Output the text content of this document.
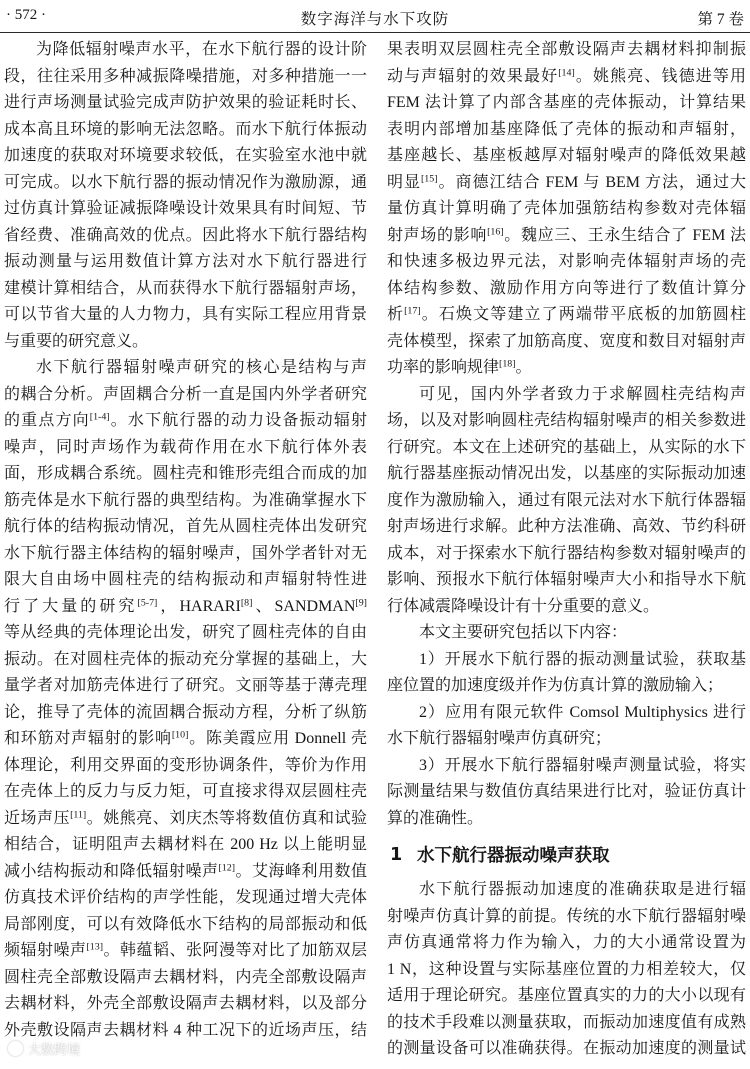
· 572 ·	数字海洋与水下攻防	第 7 卷
为降低辐射噪声水平，在水下航行器的设计阶
段，往往采用多种减振降噪措施，对多种措施一一
进行声场测量试验完成声防护效果的验证耗时长、
成本高且环境的影响无法忽略。而水下航行体振动
加速度的获取对环境要求较低，在实验室水池中就
可完成。以水下航行器的振动情况作为激励源，通
过仿真计算验证减振降噪设计效果具有时间短、节
省经费、准确高效的优点。因此将水下航行器结构
振动测量与运用数值计算方法对水下航行器进行
建模计算相结合，从而获得水下航行器辐射声场，
可以节省大量的人力物力，具有实际工程应用背景
与重要的研究意义。
水下航行器辐射噪声研究的核心是结构与声
的耦合分析。声固耦合分析一直是国内外学者研究
的重点方向[1-4]。水下航行器的动力设备振动辐射
噪声，同时声场作为载荷作用在水下航行体外表
面，形成耦合系统。圆柱壳和锥形壳组合而成的加
筋壳体是水下航行器的典型结构。为准确掌握水下
航行体的结构振动情况，首先从圆柱壳体出发研究
水下航行器主体结构的辐射噪声，国外学者针对无
限大自由场中圆柱壳的结构振动和声辐射特性进
行了大量的研究[5-7]，HARARI[8]、SANDMAN[9]
等从经典的壳体理论出发，研究了圆柱壳体的自由
振动。在对圆柱壳体的振动充分掌握的基础上，大
量学者对加筋壳体进行了研究。文丽等基于薄壳理
论，推导了壳体的流固耦合振动方程，分析了纵筋
和环筋对声辐射的影响[10]。陈美霞应用 Donnell 壳
体理论，利用交界面的变形协调条件，等价为作用
在壳体上的反力与反力矩，可直接求得双层圆柱壳
近场声压[11]。姚熊亮、刘庆杰等将数值仿真和试验
相结合，证明阻声去耦材料在 200 Hz 以上能明显
减小结构振动和降低辐射噪声[12]。艾海峰利用数值
仿真技术评价结构的声学性能，发现通过增大壳体
局部刚度，可以有效降低水下结构的局部振动和低
频辐射噪声[13]。韩蕴韬、张阿漫等对比了加筋双层
圆柱壳全部敷设隔声去耦材料，内壳全部敷设隔声
去耦材料，外壳全部敷设隔声去耦材料，以及部分
外壳敷设隔声去耦材料 4 种工况下的近场声压，结
果表明双层圆柱壳全部敷设隔声去耦材料抑制振
动与声辐射的效果最好[14]。姚熊亮、钱德进等用
FEM 法计算了内部含基座的壳体振动，计算结果
表明内部增加基座降低了壳体的振动和声辐射，
基座越长、基座板越厚对辐射噪声的降低效果越
明显[15]。商德江结合 FEM 与 BEM 方法，通过大
量仿真计算明确了壳体加强筋结构参数对壳体辐
射声场的影响[16]。魏应三、王永生结合了 FEM 法
和快速多极边界元法，对影响壳体辐射声场的壳
体结构参数、激励作用方向等进行了数值计算分
析[17]。石焕文等建立了两端带平底板的加筋圆柱
壳体模型，探索了加筋高度、宽度和数目对辐射声
功率的影响规律[18]。
可见，国内外学者致力于求解圆柱壳结构声
场，以及对影响圆柱壳结构辐射噪声的相关参数进
行研究。本文在上述研究的基础上，从实际的水下
航行器基座振动情况出发，以基座的实际振动加速
度作为激励输入，通过有限元法对水下航行体器辐
射声场进行求解。此种方法准确、高效、节约科研
成本，对于探索水下航行器结构参数对辐射噪声的
影响、预报水下航行体辐射噪声大小和指导水下航
行体减震降噪设计有十分重要的意义。
本文主要研究包括以下内容：
1）开展水下航行器的振动测量试验，获取基
座位置的加速度级并作为仿真计算的激励输入；
2）应用有限元软件 Comsol Multiphysics 进行
水下航行器辐射噪声仿真研究；
3）开展水下航行器辐射噪声测量试验，将实
际测量结果与数值仿真结果进行比对，验证仿真计
算的准确性。
1 水下航行器振动噪声获取
水下航行器振动加速度的准确获取是进行辐
射噪声仿真计算的前提。传统的水下航行器辐射噪
声仿真通常将力作为输入，力的大小通常设置为
1 N，这种设置与实际基座位置的力相差较大，仅
适用于理论研究。基座位置真实的力的大小以现有
的技术手段难以测量获取，而振动加速度值有成熟
的测量设备可以准确获得。在振动加速度的测量试
大数跨境
